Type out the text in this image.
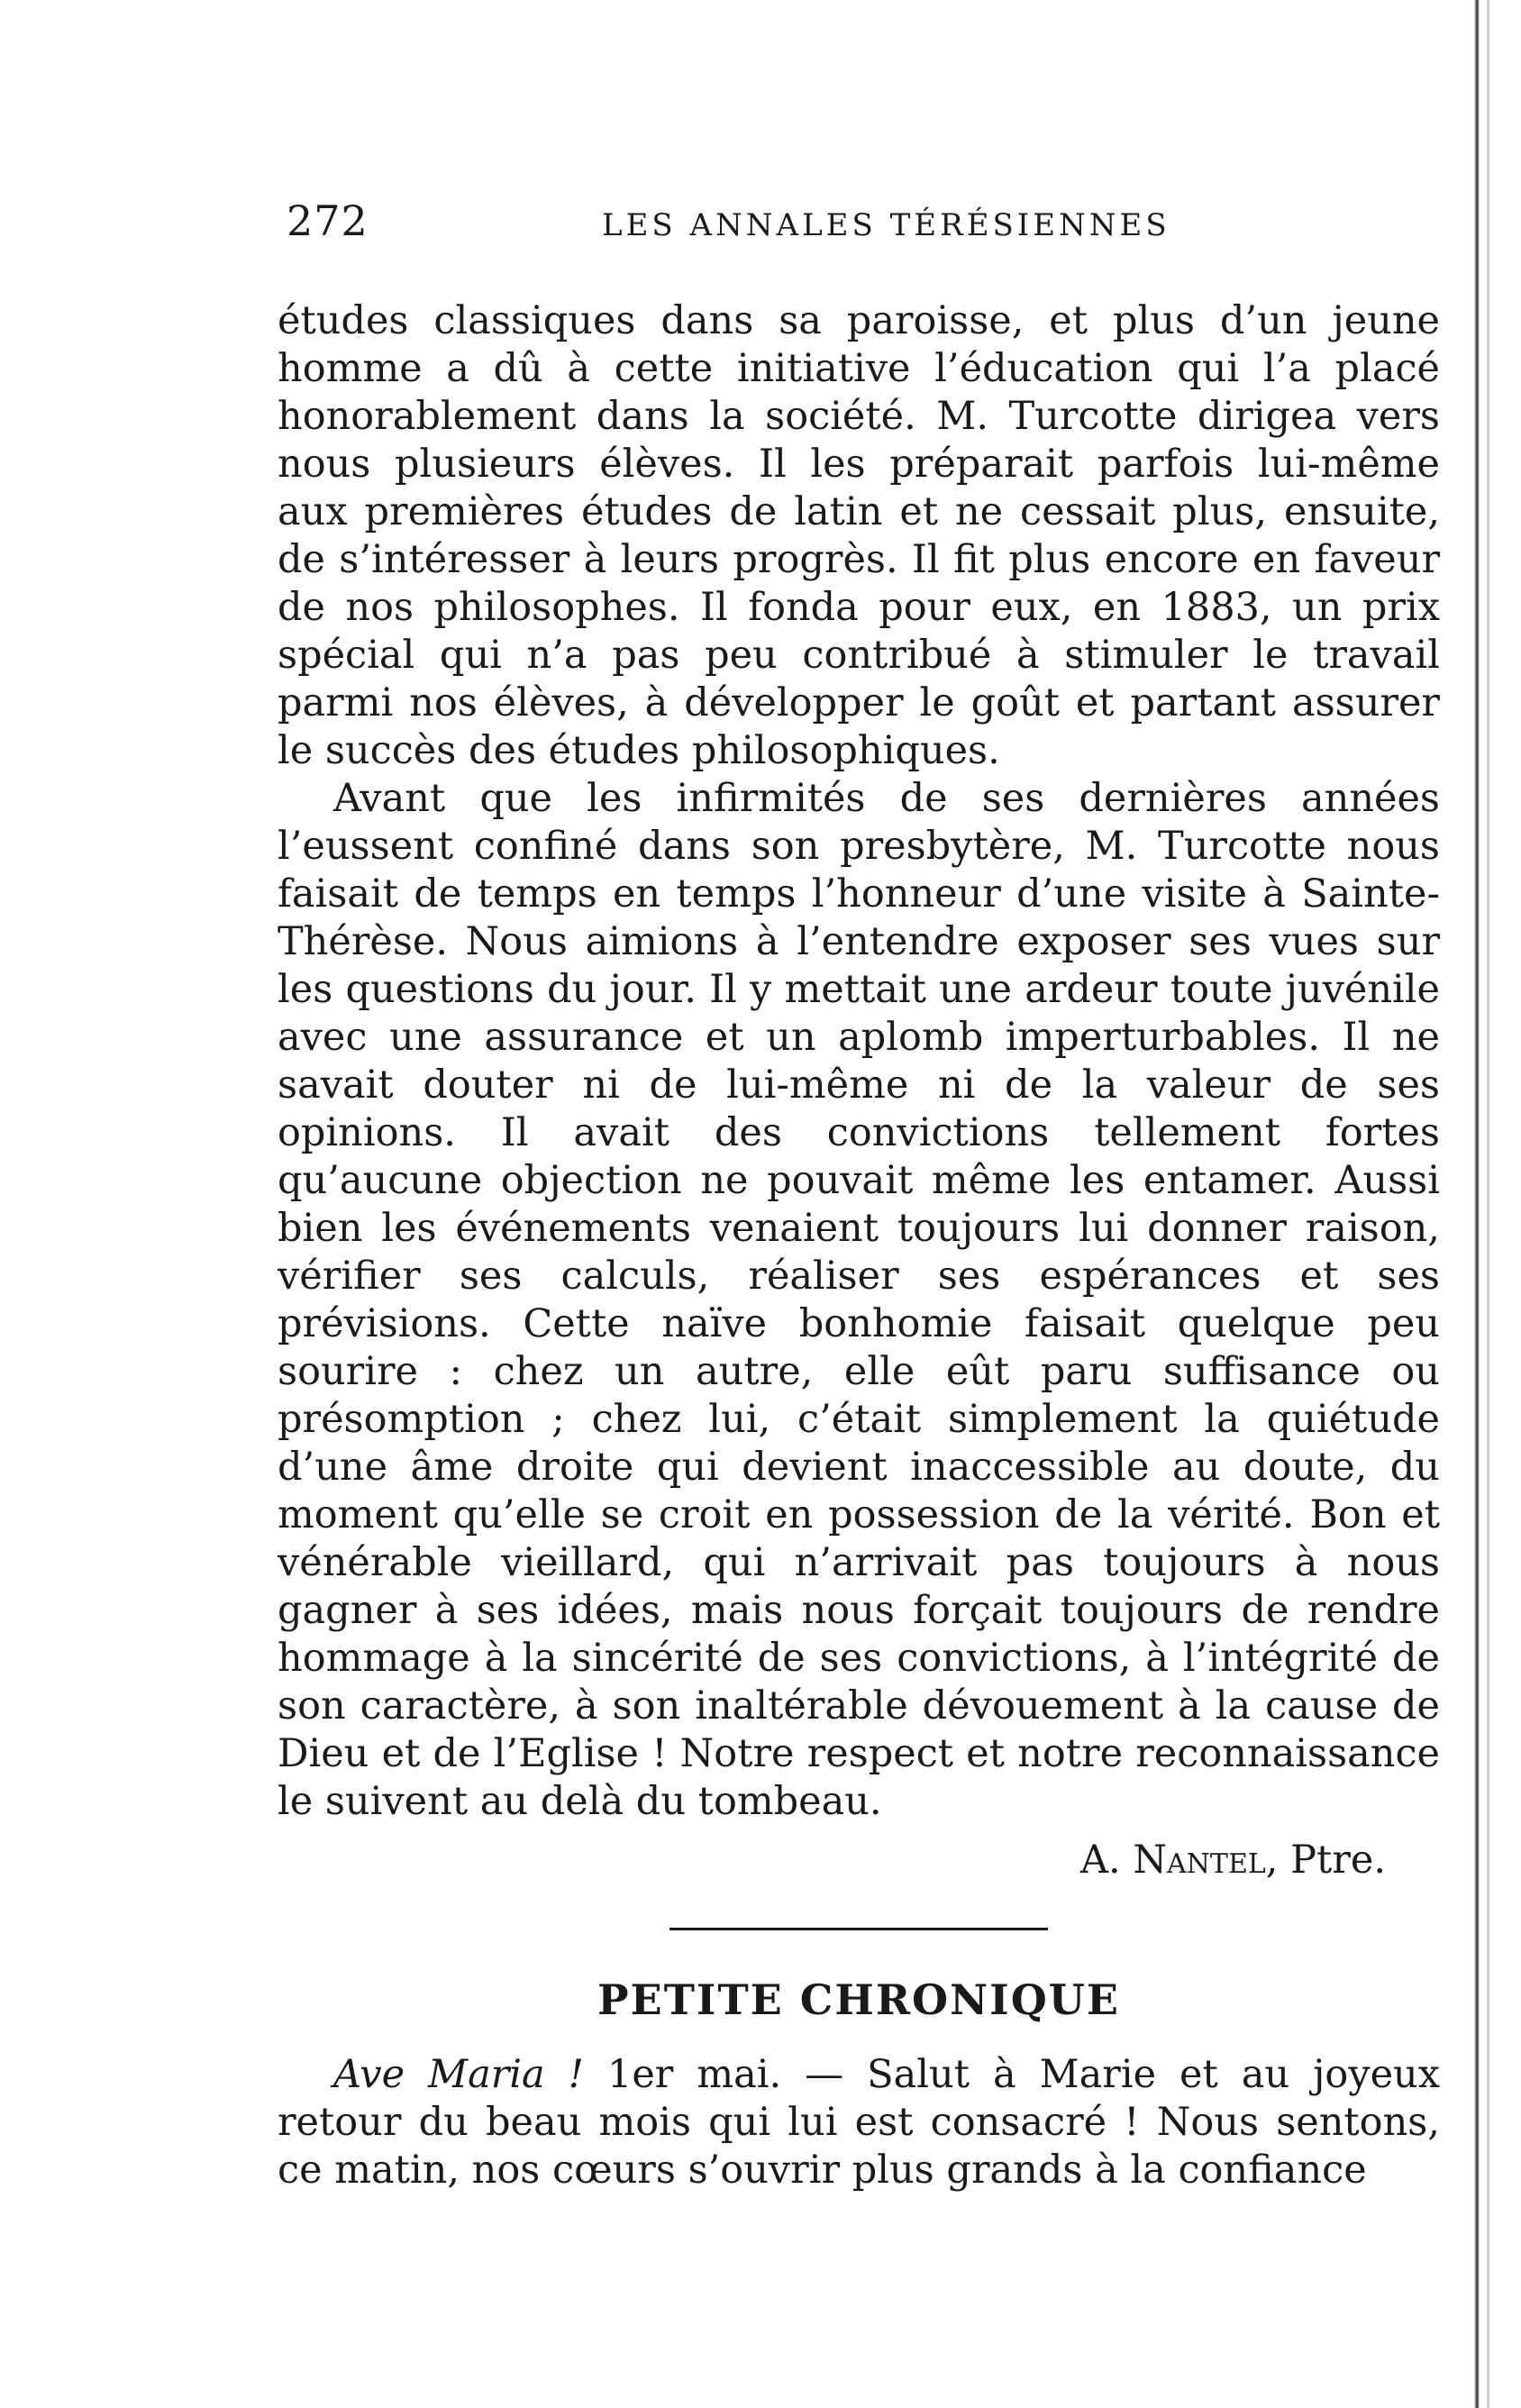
272	LES ANNALES TÉRÉSIENNES

études classiques dans sa paroisse, et plus d’un jeune homme a dû à cette initiative l’éducation qui l’a placé honorablement dans la société. M. Turcotte dirigea vers nous plusieurs élèves. Il les préparait parfois lui-même aux premières études de latin et ne cessait plus, ensuite, de s’intéresser à leurs progrès. Il fit plus encore en faveur de nos philosophes. Il fonda pour eux, en 1883, un prix spécial qui n’a pas peu contribué à stimuler le travail parmi nos élèves, à développer le goût et partant assurer le succès des études philosophiques.

Avant que les infirmités de ses dernières années l’eussent confiné dans son presbytère, M. Turcotte nous faisait de temps en temps l’honneur d’une visite à Sainte-Thérèse. Nous aimions à l’entendre exposer ses vues sur les questions du jour. Il y mettait une ardeur toute juvénile avec une assurance et un aplomb imperturbables. Il ne savait douter ni de lui-même ni de la valeur de ses opinions. Il avait des convictions tellement fortes qu’aucune objection ne pouvait même les entamer. Aussi bien les événements venaient toujours lui donner raison, vérifier ses calculs, réaliser ses espérances et ses prévisions. Cette naïve bonhomie faisait quelque peu sourire : chez un autre, elle eût paru suffisance ou présomption ; chez lui, c’était simplement la quiétude d’une âme droite qui devient inaccessible au doute, du moment qu’elle se croit en possession de la vérité. Bon et vénérable vieillard, qui n’arrivait pas toujours à nous gagner à ses idées, mais nous forçait toujours de rendre hommage à la sincérité de ses convictions, à l’intégrité de son caractère, à son inaltérable dévouement à la cause de Dieu et de l’Eglise ! Notre respect et notre reconnaissance le suivent au delà du tombeau.

A. Nantel, Ptre.

PETITE CHRONIQUE

Ave Maria ! 1er mai. — Salut à Marie et au joyeux retour du beau mois qui lui est consacré ! Nous sentons, ce matin, nos cœurs s’ouvrir plus grands à la confiance
